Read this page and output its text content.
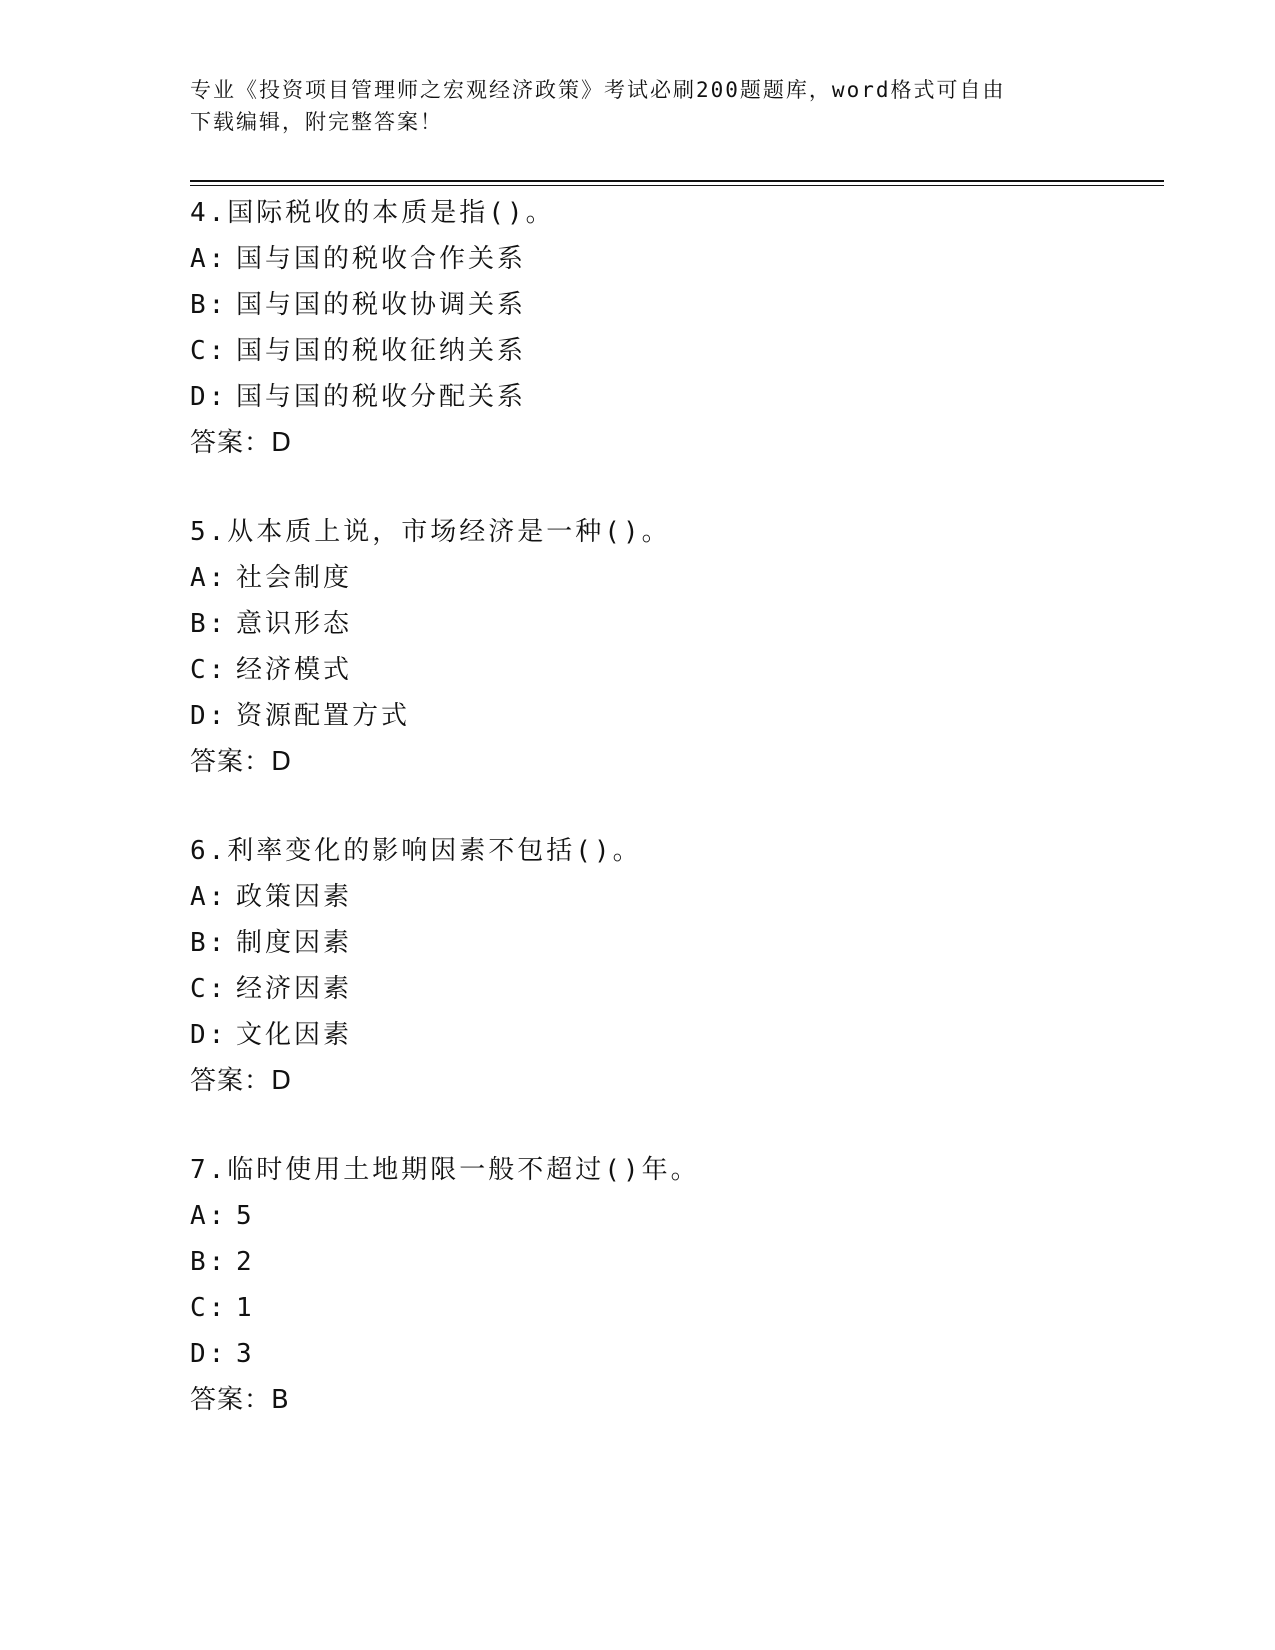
专业《投资项目管理师之宏观经济政策》考试必刷200题题库，word格式可自由
下载编辑，附完整答案！
4.国际税收的本质是指()。
A: 国与国的税收合作关系
B: 国与国的税收协调关系
C: 国与国的税收征纳关系
D: 国与国的税收分配关系
答案：D
5.从本质上说，市场经济是一种()。
A: 社会制度
B: 意识形态
C: 经济模式
D: 资源配置方式
答案：D
6.利率变化的影响因素不包括()。
A: 政策因素
B: 制度因素
C: 经济因素
D: 文化因素
答案：D
7.临时使用土地期限一般不超过()年。
A: 5
B: 2
C: 1
D: 3
答案：B
